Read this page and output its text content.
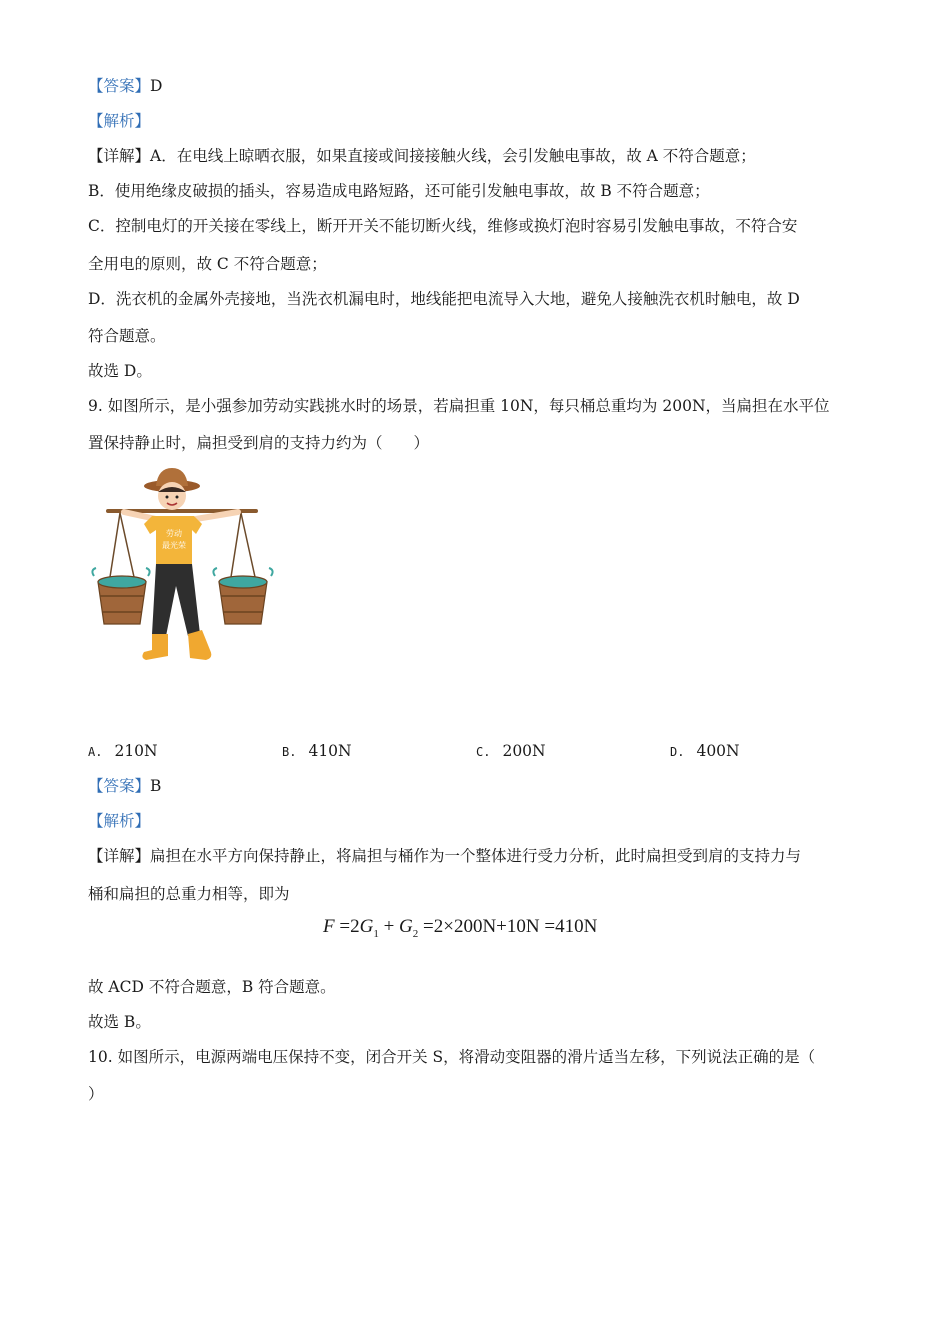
【答案】D
【解析】
【详解】A．在电线上晾晒衣服，如果直接或间接接触火线，会引发触电事故，故 A 不符合题意；
B．使用绝缘皮破损的插头，容易造成电路短路，还可能引发触电事故，故 B 不符合题意；
C．控制电灯的开关接在零线上，断开开关不能切断火线，维修或换灯泡时容易引发触电事故，不符合安
全用电的原则，故 C 不符合题意；
D．洗衣机的金属外壳接地，当洗衣机漏电时，地线能把电流导入大地，避免人接触洗衣机时触电，故 D
符合题意。
故选 D。
9. 如图所示，是小强参加劳动实践挑水时的场景，若扁担重 10N，每只桶总重均为 200N，当扁担在水平位
置保持静止时，扁担受到肩的支持力约为（　　）
劳动
最光荣
A. 210N	B. 410N	C. 200N	D. 400N
【答案】B
【解析】
【详解】扁担在水平方向保持静止，将扁担与桶作为一个整体进行受力分析，此时扁担受到肩的支持力与
桶和扁担的总重力相等，即为
$F =2G_1 + G_2 =2\times 200N+10N =410N$
故 ACD 不符合题意，B 符合题意。
故选 B。
10. 如图所示，电源两端电压保持不变，闭合开关 S，将滑动变阻器的滑片适当左移，下列说法正确的是（
）
